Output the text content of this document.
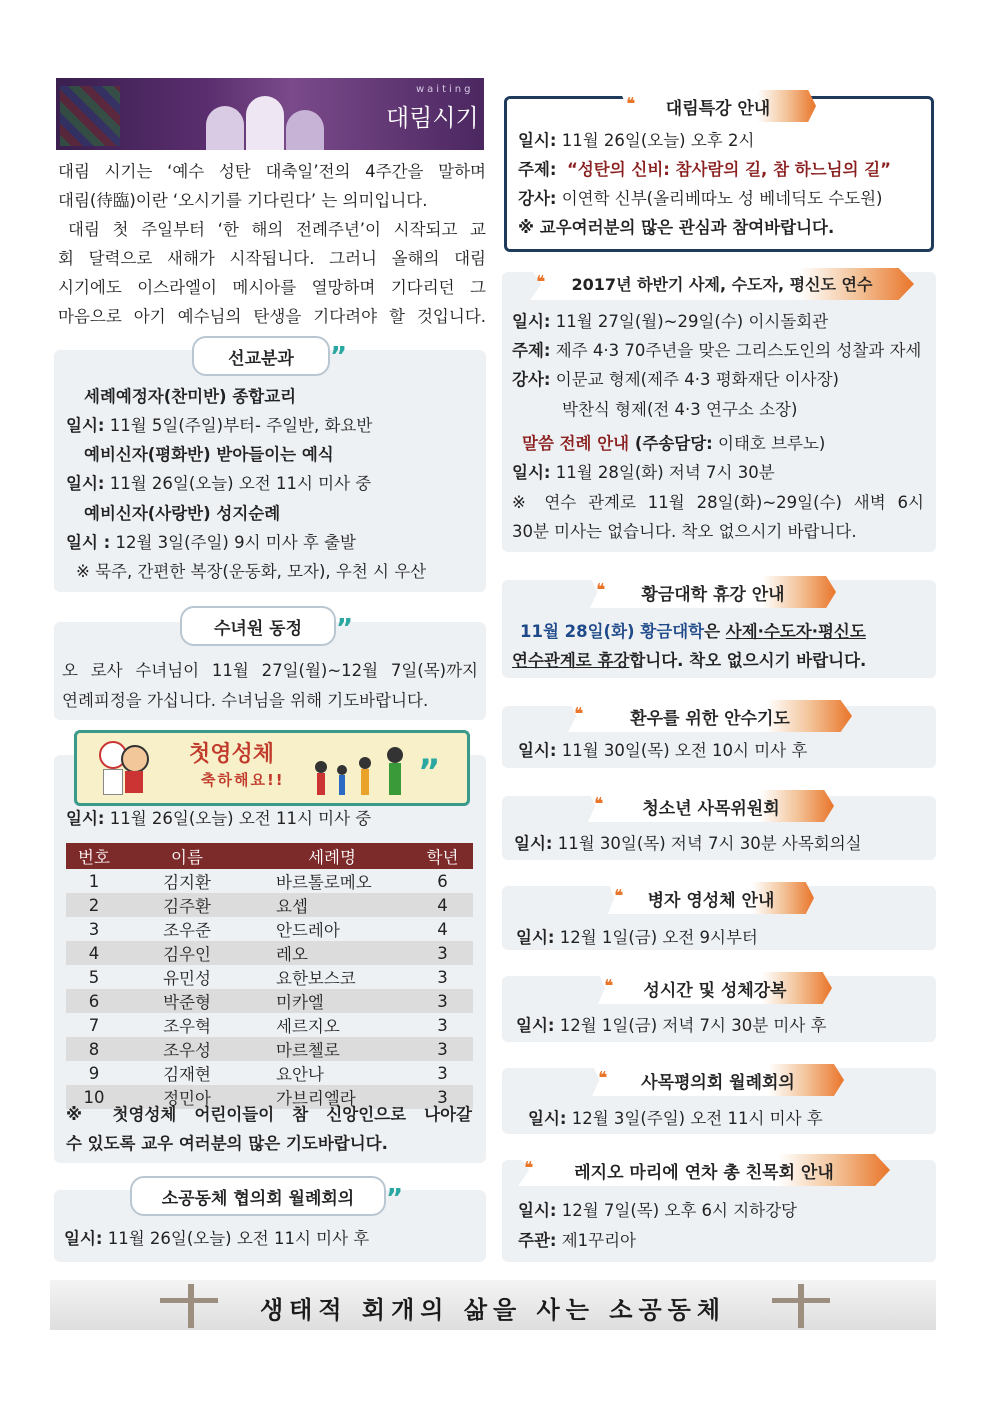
waiting
대림시기
대림 시기는 ‘예수 성탄 대축일’전의 4주간을 말하며
대림(待臨)이란 ‘오시기를 기다린다’ 는 의미입니다.
대림 첫 주일부터 ‘한 해의 전례주년’이 시작되고 교
회 달력으로 새해가 시작됩니다. 그러니 올해의 대림
시기에도 이스라엘이 메시아를 열망하며 기다리던 그
마음으로 아기 예수님의 탄생을 기다려야 할 것입니다.
선교분과	”
세례예정자(찬미반) 종합교리
일시: 11월 5일(주일)부터- 주일반, 화요반
예비신자(평화반) 받아들이는 예식
일시: 11월 26일(오늘) 오전 11시 미사 중
예비신자(사랑반) 성지순례
일시 : 12월 3일(주일) 9시 미사 후 출발
※ 묵주, 간편한 복장(운동화, 모자), 우천 시 우산
수녀원 동정	”
오 로사 수녀님이 11월 27일(월)~12월 7일(목)까지
연례피정을 가십니다. 수녀님을 위해 기도바랍니다.
첫영성체
축하해요!!	”
일시: 11월 26일(오늘) 오전 11시 미사 중
번호	이름	세례명	학년
1	김지환	바르톨로메오	6
2	김주환	요셉	4
3	조우준	안드레아	4
4	김우인	레오	3
5	유민성	요한보스코	3
6	박준형	미카엘	3
7	조우혁	세르지오	3
8	조우성	마르첼로	3
9	김재현	요안나	3
10	정민아	가브리엘라	3
※ 첫영성체 어린이들이 참 신앙인으로 나아갈
수 있도록 교우 여러분의 많은 기도바랍니다.
소공동체 협의회 월례회의	”
일시: 11월 26일(오늘) 오전 11시 미사 후
❛❛	대림특강 안내
일시: 11월 26일(오늘) 오후 2시
주제: “성탄의 신비: 참사람의 길, 참 하느님의 길”
강사: 이연학 신부(올리베따노 성 베네딕도 수도원)
※ 교우여러분의 많은 관심과 참여바랍니다.
❛❛	2017년 하반기 사제, 수도자, 평신도 연수
일시: 11월 27일(월)~29일(수) 이시돌회관
주제: 제주 4·3 70주년을 맞은 그리스도인의 성찰과 자세
강사: 이문교 형제(제주 4·3 평화재단 이사장)
박찬식 형제(전 4·3 연구소 소장)
말씀 전례 안내 (주송담당: 이태호 브루노)
일시: 11월 28일(화) 저녁 7시 30분
※ 연수 관계로 11월 28일(화)~29일(수) 새벽 6시
30분 미사는 없습니다. 착오 없으시기 바랍니다.
❛❛	황금대학 휴강 안내
11월 28일(화) 황금대학은 사제·수도자·평신도
연수관계로 휴강합니다. 착오 없으시기 바랍니다.
❛❛	환우를 위한 안수기도
일시: 11월 30일(목) 오전 10시 미사 후
❛❛	청소년 사목위원회
일시: 11월 30일(목) 저녁 7시 30분 사목회의실
❛❛	병자 영성체 안내
일시: 12월 1일(금) 오전 9시부터
❛❛	성시간 및 성체강복
일시: 12월 1일(금) 저녁 7시 30분 미사 후
❛❛	사목평의회 월례회의
일시: 12월 3일(주일) 오전 11시 미사 후
❛❛	레지오 마리에 연차 총 친목회 안내
일시: 12월 7일(목) 오후 6시 지하강당
주관: 제1꾸리아
생태적 회개의 삶을 사는 소공동체
